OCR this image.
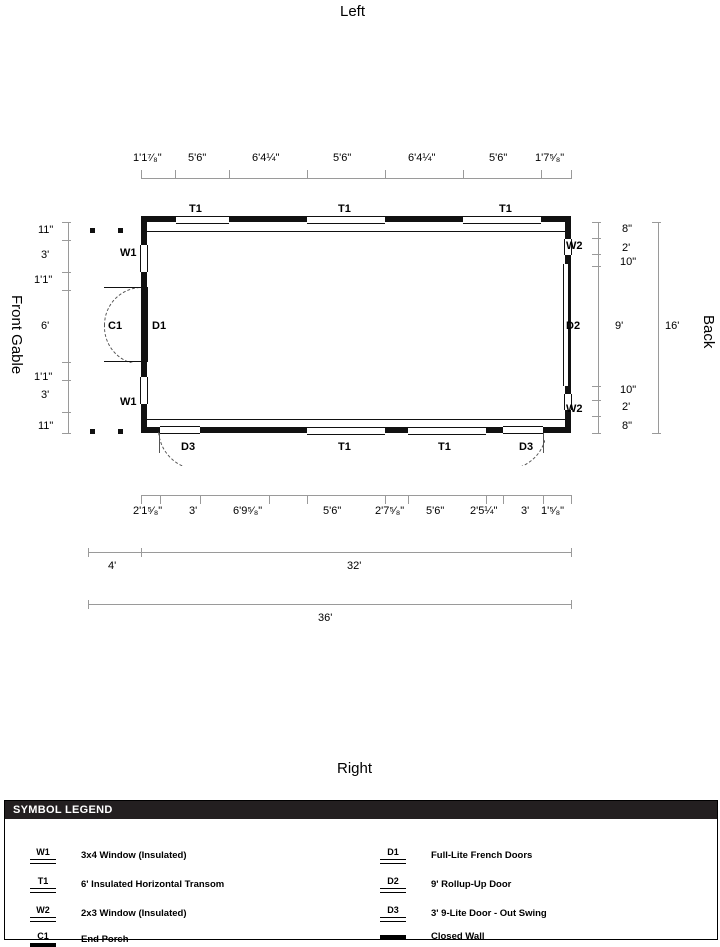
Left
Right
Front Gable	Back
1'1⁷⁄₈" 5'6"	6'4¼"	5'6"	6'4¼"	5'6"	1'7⁵⁄₈"
T1	T1	T1
T1	T1
D3	D3
W1
W1
D1
C1
W2
W2
D2
11"
3'
1'1"
6'
1'1"
3'
11"
8"
2'
10"
9'
10"
2'
8"
16'
2'1⁵⁄₈" 3'	6'9⁵⁄₈"	5'6"	2'7⁵⁄₈" 5'6" 2'5¼" 3' 1'⁵⁄₈"
4'	32'
36'
SYMBOL LEGEND
W1	3x4 Window (Insulated)
T1	6' Insulated Horizontal Transom
W2	2x3 Window (Insulated)
C1	End Porch
D1	Full-Lite French Doors
D2	9' Rollup-Up Door
D3	3' 9-Lite Door - Out Swing
Closed Wall
